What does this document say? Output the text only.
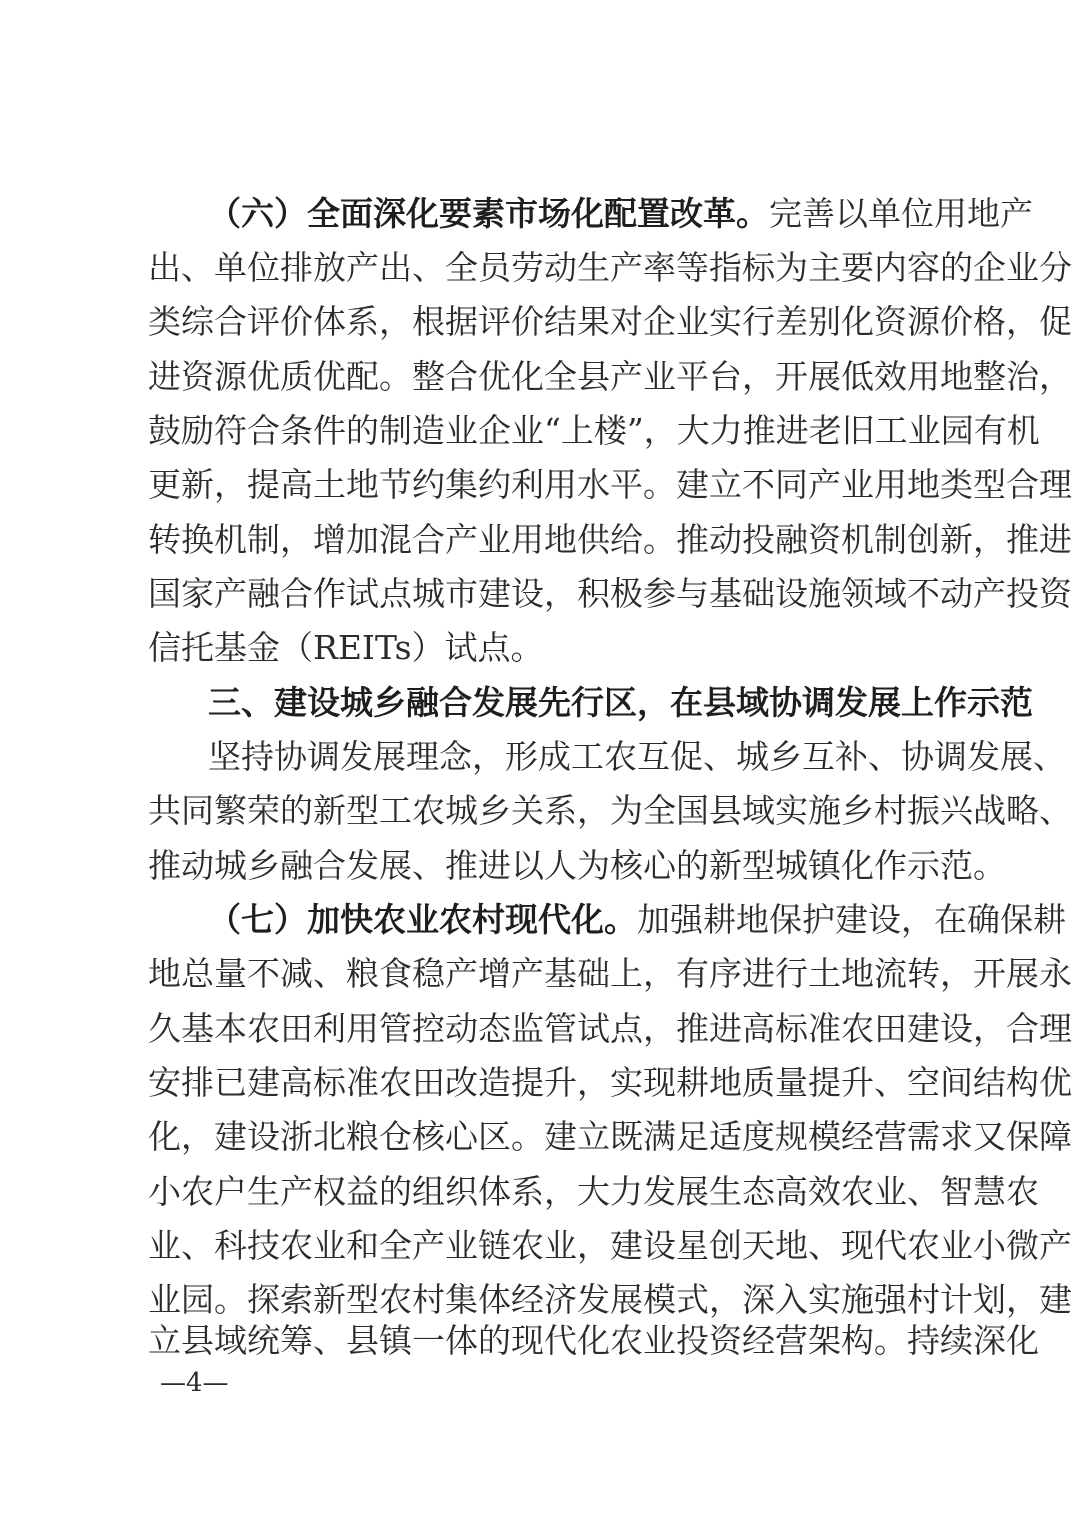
（六）全面深化要素市场化配置改革。完善以单位用地产
出、单位排放产出、全员劳动生产率等指标为主要内容的企业分
类综合评价体系，根据评价结果对企业实行差别化资源价格，促
进资源优质优配。整合优化全县产业平台，开展低效用地整治，
鼓励符合条件的制造业企业“上楼”，大力推进老旧工业园有机
更新，提高土地节约集约利用水平。建立不同产业用地类型合理
转换机制，增加混合产业用地供给。推动投融资机制创新，推进
国家产融合作试点城市建设，积极参与基础设施领域不动产投资
信托基金（REITs）试点。
三、建设城乡融合发展先行区，在县域协调发展上作示范
坚持协调发展理念，形成工农互促、城乡互补、协调发展、
共同繁荣的新型工农城乡关系，为全国县域实施乡村振兴战略、
推动城乡融合发展、推进以人为核心的新型城镇化作示范。
（七）加快农业农村现代化。加强耕地保护建设，在确保耕
地总量不减、粮食稳产增产基础上，有序进行土地流转，开展永
久基本农田利用管控动态监管试点，推进高标准农田建设，合理
安排已建高标准农田改造提升，实现耕地质量提升、空间结构优
化，建设浙北粮仓核心区。建立既满足适度规模经营需求又保障
小农户生产权益的组织体系，大力发展生态高效农业、智慧农
业、科技农业和全产业链农业，建设星创天地、现代农业小微产
业园。探索新型农村集体经济发展模式，深入实施强村计划，建
立县域统筹、县镇一体的现代化农业投资经营架构。持续深化
—4—
